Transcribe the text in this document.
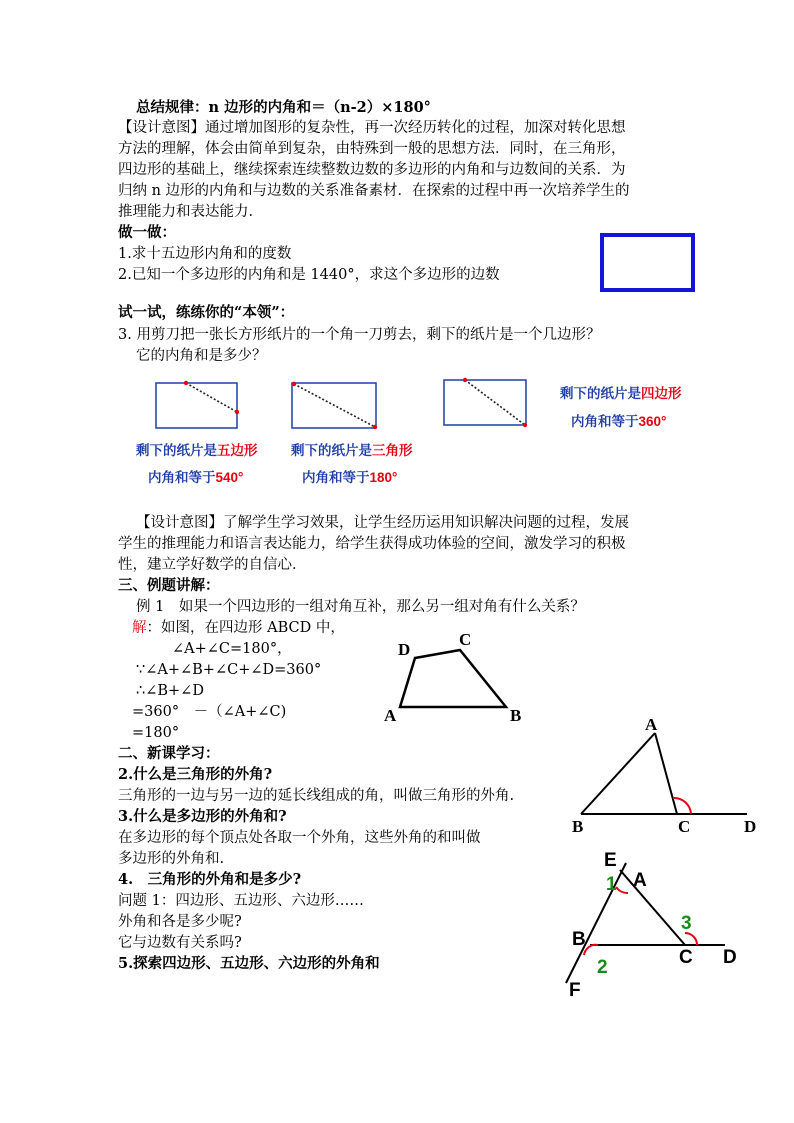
总结规律：n 边形的内角和＝（n-2）×180°
【设计意图】通过增加图形的复杂性，再一次经历转化的过程，加深对转化思想
方法的理解，体会由简单到复杂，由特殊到一般的思想方法．同时，在三角形，
四边形的基础上，继续探索连续整数边数的多边形的内角和与边数间的关系．为
归纳 n 边形的内角和与边数的关系准备素材．在探索的过程中再一次培养学生的
推理能力和表达能力．
做一做：
1.求十五边形内角和的度数
2.已知一个多边形的内角和是 1440°，求这个多边形的边数
试一试，练练你的“本领”：
3. 用剪刀把一张长方形纸片的一个角一刀剪去，剩下的纸片是一个几边形？
它的内角和是多少？
剩下的纸片是四边形
内角和等于360°
剩下的纸片是五边形 剩下的纸片是三角形
内角和等于540°	内角和等于180°
【设计意图】了解学生学习效果，让学生经历运用知识解决问题的过程，发展
学生的推理能力和语言表达能力，给学生获得成功体验的空间，激发学习的积极
性，建立学好数学的自信心．
三、例题讲解：
例 1　如果一个四边形的一组对角互补，那么另一组对角有什么关系？
解：如图，在四边形 ABCD 中，
∠A+∠C=180°，
∵∠A+∠B+∠C+∠D=360°
∴∠B+∠D
=360°　－（∠A+∠C)
=180°
D
C
A	B
二、新课学习：
2.什么是三角形的外角?
三角形的一边与另一边的延长线组成的角，叫做三角形的外角.
3.什么是多边形的外角和?
在多边形的每个顶点处各取一个外角，这些外角的和叫做
多边形的外角和.
4.　三角形的外角和是多少?
问题 1：四边形、五边形、六边形……
外角和各是多少呢?
它与边数有关系吗?
5.探索四边形、五边形、六边形的外角和
A
B	C	D
E
A
1
3
B
C D
2
F
